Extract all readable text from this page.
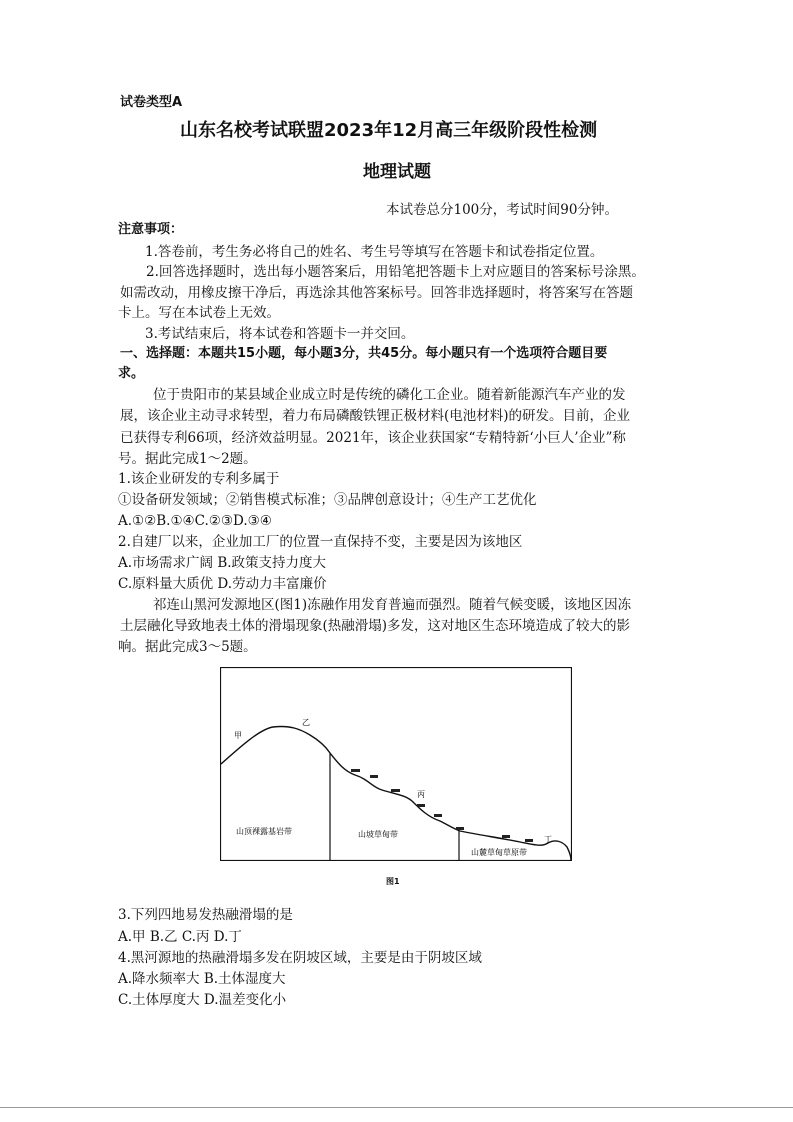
试卷类型A
山东名校考试联盟2023年12月高三年级阶段性检测
地理试题
本试卷总分100分，考试时间90分钟。
注意事项：
1.答卷前，考生务必将自己的姓名、考生号等填写在答题卡和试卷指定位置。
2.回答选择题时，选出每小题答案后，用铅笔把答题卡上对应题目的答案标号涂黑。
如需改动，用橡皮擦干净后，再选涂其他答案标号。回答非选择题时，将答案写在答题
卡上。写在本试卷上无效。
3.考试结束后，将本试卷和答题卡一并交回。
一、选择题：本题共15小题，每小题3分，共45分。每小题只有一个选项符合题目要
求。
位于贵阳市的某县域企业成立时是传统的磷化工企业。随着新能源汽车产业的发
展，该企业主动寻求转型，着力布局磷酸铁锂正极材料(电池材料)的研发。目前，企业
已获得专利66项，经济效益明显。2021年，该企业获国家“专精特新‘小巨人’企业”称
号。据此完成1～2题。
1.该企业研发的专利多属于
①设备研发领域；②销售模式标准；③品牌创意设计；④生产工艺优化
A.①②B.①④C.②③D.③④
2.自建厂以来，企业加工厂的位置一直保持不变，主要是因为该地区
A.市场需求广阔 B.政策支持力度大
C.原料量大质优 D.劳动力丰富廉价
祁连山黑河发源地区(图1)冻融作用发育普遍而强烈。随着气候变暖，该地区因冻
土层融化导致地表土体的滑塌现象(热融滑塌)多发，这对地区生态环境造成了较大的影
响。据此完成3～5题。
甲
乙
丙
丁
山顶裸露基岩带	山坡草甸带
山麓草甸草原带
图1
3.下列四地易发热融滑塌的是
A.甲 B.乙 C.丙 D.丁
4.黑河源地的热融滑塌多发在阴坡区域，主要是由于阴坡区域
A.降水频率大 B.土体湿度大
C.土体厚度大 D.温差变化小
